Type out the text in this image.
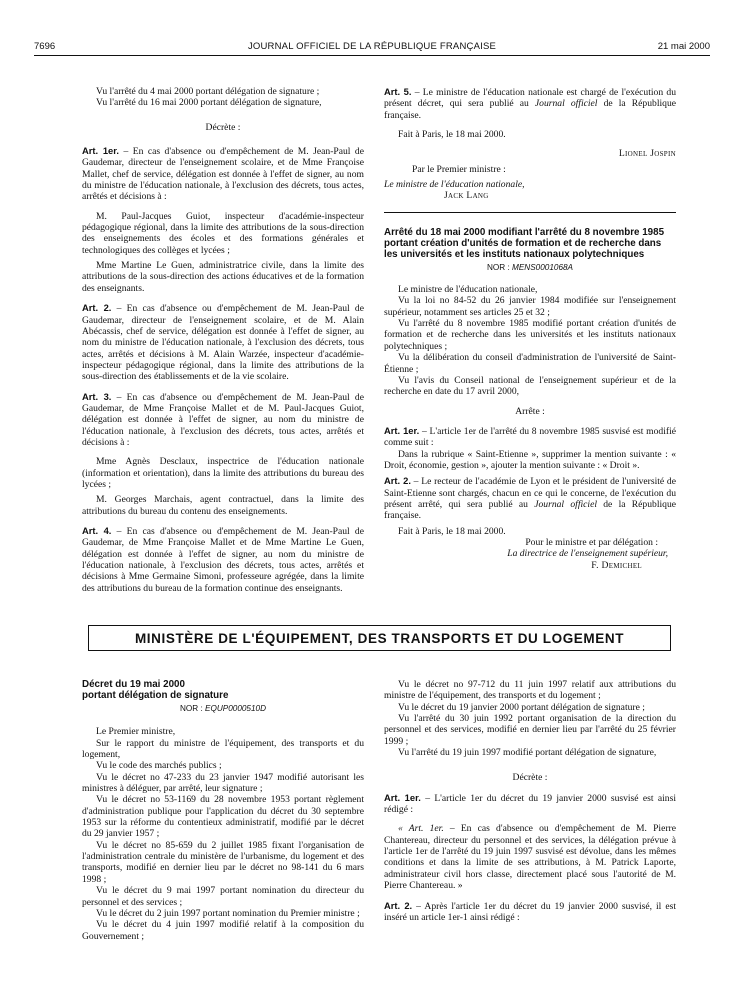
7696	JOURNAL OFFICIEL DE LA RÉPUBLIQUE FRANÇAISE	21 mai 2000

Vu l'arrêté du 4 mai 2000 portant délégation de signature ;

Vu l'arrêté du 16 mai 2000 portant délégation de signature,

Décrète :

Art. 1er. – En cas d'absence ou d'empêchement de M. Jean-Paul de Gaudemar, directeur de l'enseignement scolaire, et de Mme Françoise Mallet, chef de service, délégation est donnée à l'effet de signer, au nom du ministre de l'éducation nationale, à l'exclusion des décrets, tous actes, arrêtés et décisions à :

M. Paul-Jacques Guiot, inspecteur d'académie-inspecteur pédagogique régional, dans la limite des attributions de la sous-direction des enseignements des écoles et des formations générales et technologiques des collèges et lycées ;

Mme Martine Le Guen, administratrice civile, dans la limite des attributions de la sous-direction des actions éducatives et de la formation des enseignants.

Art. 2. – En cas d'absence ou d'empêchement de M. Jean-Paul de Gaudemar, directeur de l'enseignement scolaire, et de M. Alain Abécassis, chef de service, délégation est donnée à l'effet de signer, au nom du ministre de l'éducation nationale, à l'exclusion des décrets, tous actes, arrêtés et décisions à M. Alain Warzée, inspecteur d'académie-inspecteur pédagogique régional, dans la limite des attributions de la sous-direction des établissements et de la vie scolaire.

Art. 3. – En cas d'absence ou d'empêchement de M. Jean-Paul de Gaudemar, de Mme Françoise Mallet et de M. Paul-Jacques Guiot, délégation est donnée à l'effet de signer, au nom du ministre de l'éducation nationale, à l'exclusion des décrets, tous actes, arrêtés et décisions à :

Mme Agnès Desclaux, inspectrice de l'éducation nationale (information et orientation), dans la limite des attributions du bureau des lycées ;

M. Georges Marchais, agent contractuel, dans la limite des attributions du bureau du contenu des enseignements.

Art. 4. – En cas d'absence ou d'empêchement de M. Jean-Paul de Gaudemar, de Mme Françoise Mallet et de Mme Martine Le Guen, délégation est donnée à l'effet de signer, au nom du ministre de l'éducation nationale, à l'exclusion des décrets, tous actes, arrêtés et décisions à Mme Germaine Simoni, professeure agrégée, dans la limite des attributions du bureau de la formation continue des enseignants.

Art. 5. – Le ministre de l'éducation nationale est chargé de l'exécution du présent décret, qui sera publié au Journal officiel de la République française.

Fait à Paris, le 18 mai 2000.

Lionel Jospin

Par le Premier ministre :

Le ministre de l'éducation nationale,

Jack Lang

Arrêté du 18 mai 2000 modifiant l'arrêté du 8 novembre 1985 portant création d'unités de formation et de recherche dans les universités et les instituts nationaux polytechniques

NOR : MENS0001068A

Le ministre de l'éducation nationale,

Vu la loi no 84-52 du 26 janvier 1984 modifiée sur l'enseignement supérieur, notamment ses articles 25 et 32 ;

Vu l'arrêté du 8 novembre 1985 modifié portant création d'unités de formation et de recherche dans les universités et les instituts nationaux polytechniques ;

Vu la délibération du conseil d'administration de l'université de Saint-Étienne ;

Vu l'avis du Conseil national de l'enseignement supérieur et de la recherche en date du 17 avril 2000,

Arrête :

Art. 1er. – L'article 1er de l'arrêté du 8 novembre 1985 susvisé est modifié comme suit :

Dans la rubrique « Saint-Etienne », supprimer la mention suivante : « Droit, économie, gestion », ajouter la mention suivante : « Droit ».

Art. 2. – Le recteur de l'académie de Lyon et le président de l'université de Saint-Etienne sont chargés, chacun en ce qui le concerne, de l'exécution du présent arrêté, qui sera publié au Journal officiel de la République française.

Fait à Paris, le 18 mai 2000.

Pour le ministre et par délégation :

La directrice de l'enseignement supérieur,

F. Demichel

MINISTÈRE DE L'ÉQUIPEMENT, DES TRANSPORTS ET DU LOGEMENT

Décret du 19 mai 2000

portant délégation de signature

NOR : EQUP0000510D

Le Premier ministre,

Sur le rapport du ministre de l'équipement, des transports et du logement,

Vu le code des marchés publics ;

Vu le décret no 47-233 du 23 janvier 1947 modifié autorisant les ministres à déléguer, par arrêté, leur signature ;

Vu le décret no 53-1169 du 28 novembre 1953 portant règlement d'administration publique pour l'application du décret du 30 septembre 1953 sur la réforme du contentieux administratif, modifié par le décret du 29 janvier 1957 ;

Vu le décret no 85-659 du 2 juillet 1985 fixant l'organisation de l'administration centrale du ministère de l'urbanisme, du logement et des transports, modifié en dernier lieu par le décret no 98-141 du 6 mars 1998 ;

Vu le décret du 9 mai 1997 portant nomination du directeur du personnel et des services ;

Vu le décret du 2 juin 1997 portant nomination du Premier ministre ;

Vu le décret du 4 juin 1997 modifié relatif à la composition du Gouvernement ;

Vu le décret no 97-712 du 11 juin 1997 relatif aux attributions du ministre de l'équipement, des transports et du logement ;

Vu le décret du 19 janvier 2000 portant délégation de signature ;

Vu l'arrêté du 30 juin 1992 portant organisation de la direction du personnel et des services, modifié en dernier lieu par l'arrêté du 25 février 1999 ;

Vu l'arrêté du 19 juin 1997 modifié portant délégation de signature,

Décrète :

Art. 1er. – L'article 1er du décret du 19 janvier 2000 susvisé est ainsi rédigé :

« Art. 1er. – En cas d'absence ou d'empêchement de M. Pierre Chantereau, directeur du personnel et des services, la délégation prévue à l'article 1er de l'arrêté du 19 juin 1997 susvisé est dévolue, dans les mêmes conditions et dans la limite de ses attributions, à M. Patrick Laporte, administrateur civil hors classe, directement placé sous l'autorité de M. Pierre Chantereau. »

Art. 2. – Après l'article 1er du décret du 19 janvier 2000 susvisé, il est inséré un article 1er-1 ainsi rédigé :
